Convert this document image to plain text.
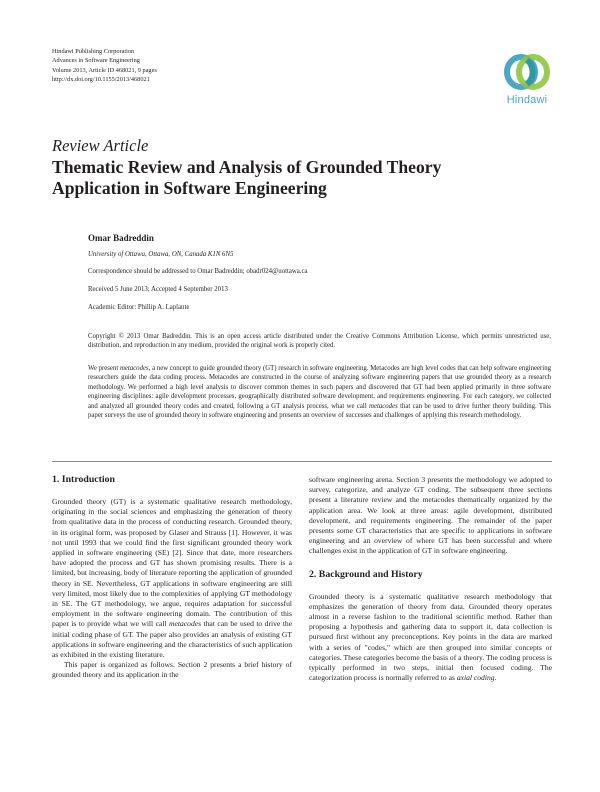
Hindawi Publishing Corporation
Advances in Software Engineering
Volume 2013, Article ID 468021, 9 pages
http://dx.doi.org/10.1155/2013/468021
Hindawi
Review Article
Thematic Review and Analysis of Grounded Theory
Application in Software Engineering
Omar Badreddin
University of Ottawa, Ottawa, ON, Canada K1N 6N5
Correspondence should be addressed to Omar Badreddin; obadr024@uottawa.ca
Received 5 June 2013; Accepted 4 September 2013
Academic Editor: Phillip A. Laplante
Copyright © 2013 Omar Badreddin. This is an open access article distributed under the Creative Commons Attribution License, which permits unrestricted use, distribution, and reproduction in any medium, provided the original work is properly cited.
We present metacodes, a new concept to guide grounded theory (GT) research in software engineering. Metacodes are high level codes that can help software engineering researchers guide the data coding process. Metacodes are constructed in the course of analyzing software engineering papers that use grounded theory as a research methodology. We performed a high level analysis to discover common themes in such papers and discovered that GT had been applied primarily in three software engineering disciplines: agile development processes, geographically distributed software development, and requirements engineering. For each category, we collected and analyzed all grounded theory codes and created, following a GT analysis process, what we call metacodes that can be used to drive further theory building. This paper surveys the use of grounded theory in software engineering and presents an overview of successes and challenges of applying this research methodology.
1. Introduction

Grounded theory (GT) is a systematic qualitative research methodology, originating in the social sciences and emphasizing the generation of theory from qualitative data in the process of conducting research. Grounded theory, in its original form, was proposed by Glaser and Strauss [1]. However, it was not until 1993 that we could find the first significant grounded theory work applied in software engineering (SE) [2]. Since that date, more researchers have adopted the process and GT has shown promising results. There is a limited, but increasing, body of literature reporting the application of grounded theory in SE. Nevertheless, GT applications in software engineering are still very limited, most likely due to the complexities of applying GT methodology in SE. The GT methodology, we argue, requires adaptation for successful employment in the software engineering domain. The contribution of this paper is to provide what we will call metacodes that can be used to drive the initial coding phase of GT. The paper also provides an analysis of existing GT applications in software engineering and the characteristics of such application as exhibited in the existing literature.

This paper is organized as follows. Section 2 presents a brief history of grounded theory and its application in the

software engineering arena. Section 3 presents the methodology we adopted to survey, categorize, and analyze GT coding. The subsequent three sections present a literature review and the metacodes thematically organized by the application area. We look at three areas: agile development, distributed development, and requirements engineering. The remainder of the paper presents some GT characteristics that are specific to applications in software engineering and an overview of where GT has been successful and where challenges exist in the application of GT in software engineering.

2. Background and History

Grounded theory is a systematic qualitative research methodology that emphasizes the generation of theory from data. Grounded theory operates almost in a reverse fashion to the traditional scientific method. Rather than proposing a hypothesis and gathering data to support it, data collection is pursued first without any preconceptions. Key points in the data are marked with a series of "codes," which are then grouped into similar concepts or categories. These categories become the basis of a theory. The coding process is typically performed in two steps, initial then focused coding. The categorization process is normally referred to as axial coding.
